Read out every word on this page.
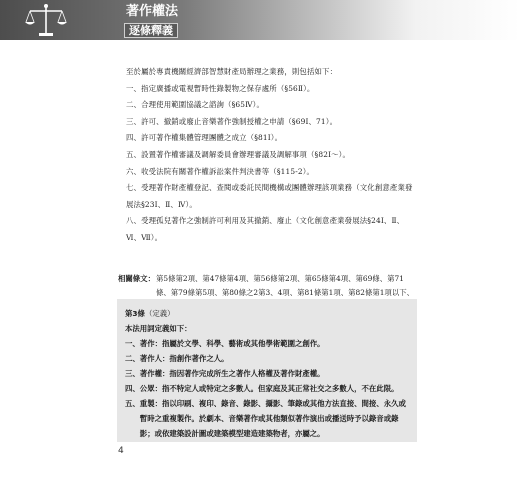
著作權法
逐條釋義

至於屬於專責機關經濟部智慧財產局辦理之業務，則包括如下：

一、指定廣播或電視暫時性錄製物之保存處所（§56Ⅱ）。

二、合理使用範圍協議之諮詢（§65Ⅳ）。

三、許可、撤銷或廢止音樂著作強制授權之申請（§69Ⅰ、71）。

四、許可著作權集體管理團體之成立（§81Ⅰ）。

五、設置著作權審議及調解委員會辦理審議及調解事項（§82Ⅰ～）。

六、收受法院有關著作權訴訟案件判決書等（§115-2）。

七、受理著作財產權登記、查閱或委託民間機構或團體辦理該項業務（文化創意產業發展法§23Ⅰ、Ⅱ、Ⅳ）。

八、受理孤兒著作之強制許可利用及其撤銷、廢止（文化創意產業發展法§24Ⅰ、Ⅱ、Ⅵ、Ⅶ）。

相關條文： 第5條第2項、第47條第4項、第56條第2項、第65條第4項、第69條、第71條、第79條第5項、第80條之2第3、4項、第81條第1項、第82條第1項以下、
第3條（定義）
本法用詞定義如下：
一、 著作：指屬於文學、科學、藝術或其他學術範圍之創作。
二、 著作人：指創作著作之人。
三、 著作權：指因著作完成所生之著作人格權及著作財產權。
四、 公眾：指不特定人或特定之多數人。但家庭及其正常社交之多數人，不在此限。
五、 重製：指以印刷、複印、錄音、錄影、攝影、筆錄或其他方法直接、間接、永久或暫時之重複製作。於劇本、音樂著作或其他類似著作演出或播送時予以錄音或錄影；或依建築設計圖或建築模型建造建築物者，亦屬之。
4
